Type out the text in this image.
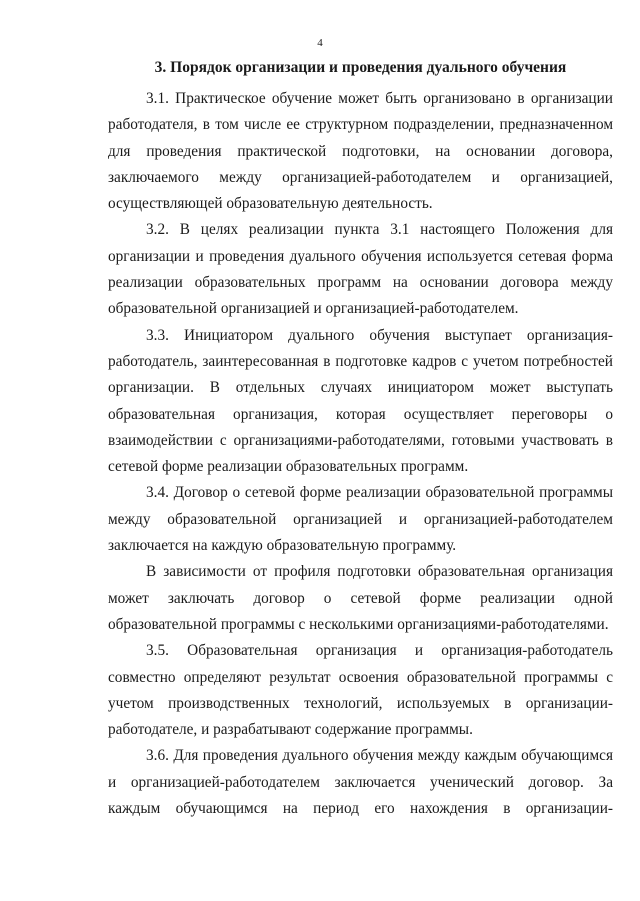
4
3. Порядок организации и проведения дуального обучения

3.1. Практическое обучение может быть организовано в организации работодателя, в том числе ее структурном подразделении, предназначенном для проведения практической подготовки, на основании договора, заключаемого между организацией-работодателем и организацией, осуществляющей образовательную деятельность.

3.2. В целях реализации пункта 3.1 настоящего Положения для организации и проведения дуального обучения используется сетевая форма реализации образовательных программ на основании договора между образовательной организацией и организацией-работодателем.

3.3. Инициатором дуального обучения выступает организация-работодатель, заинтересованная в подготовке кадров с учетом потребностей организации. В отдельных случаях инициатором может выступать образовательная организация, которая осуществляет переговоры о взаимодействии с организациями-работодателями, готовыми участвовать в сетевой форме реализации образовательных программ.

3.4. Договор о сетевой форме реализации образовательной программы между образовательной организацией и организацией-работодателем заключается на каждую образовательную программу.

В зависимости от профиля подготовки образовательная организация может заключать договор о сетевой форме реализации одной образовательной программы с несколькими организациями-работодателями.

3.5. Образовательная организация и организация-работодатель совместно определяют результат освоения образовательной программы с учетом производственных технологий, используемых в организации-работодателе, и разрабатывают содержание программы.

3.6. Для проведения дуального обучения между каждым обучающимся и организацией-работодателем заключается ученический договор. За каждым обучающимся на период его нахождения в организации-
